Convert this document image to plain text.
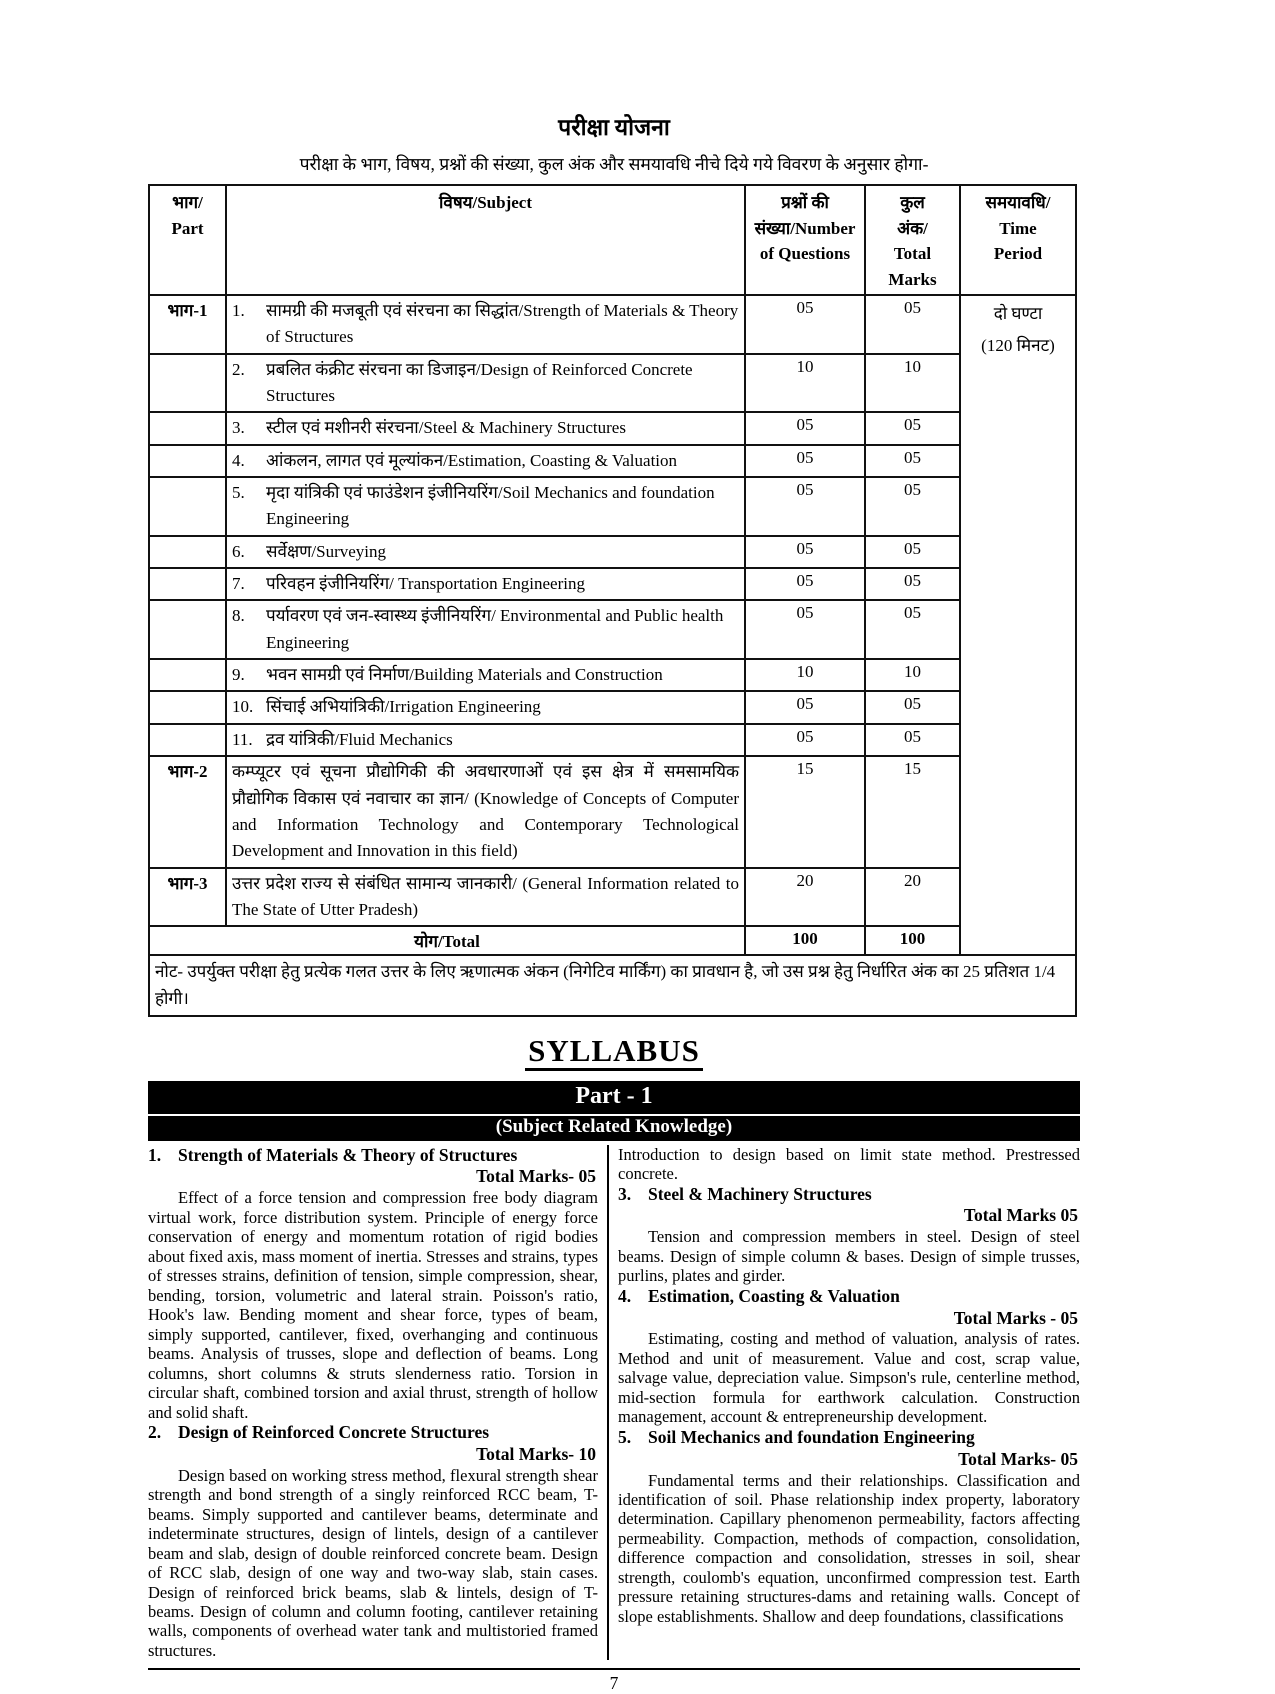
परीक्षा योजना

परीक्षा के भाग, विषय, प्रश्नों की संख्या, कुल अंक और समयावधि नीचे दिये गये विवरण के अनुसार होगा-

भाग/
Part	विषय/Subject	प्रश्नों की
संख्या/Number
of Questions	कुल
अंक/
Total
Marks	समयावधि/
Time
Period
भाग-1	1. सामग्री की मजबूती एवं संरचना का सिद्धांत/Strength of Materials & Theory of Structures	05	05	दो घण्टा
(120 मिनट)

	2. प्रबलित कंक्रीट संरचना का डिजाइन/Design of Reinforced Concrete Structures	10	10	

	3. स्टील एवं मशीनरी संरचना/Steel & Machinery Structures	05	05	

	4. आंकलन, लागत एवं मूल्यांकन/Estimation, Coasting & Valuation	05	05	

	5. मृदा यांत्रिकी एवं फाउंडेशन इंजीनियरिंग/Soil Mechanics and foundation Engineering	05	05	

	6. सर्वेक्षण/Surveying	05	05	

	7. परिवहन इंजीनियरिंग/ Transportation Engineering	05	05	

	8. पर्यावरण एवं जन-स्वास्थ्य इंजीनियरिंग/ Environmental and Public health Engineering	05	05	

	9. भवन सामग्री एवं निर्माण/Building Materials and Construction	10	10	

	10. सिंचाई अभियांत्रिकी/Irrigation Engineering	05	05	

	11. द्रव यांत्रिकी/Fluid Mechanics	05	05	
भाग-2	कम्प्यूटर एवं सूचना प्रौद्योगिकी की अवधारणाओं एवं इस क्षेत्र में समसामयिक प्रौद्योगिक विकास एवं नवाचार का ज्ञान/ (Knowledge of Concepts of Computer and Information Technology and Contemporary Technological Development and Innovation in this field)	15	15	
भाग-3	उत्तर प्रदेश राज्य से संबंधित सामान्य जानकारी/ (General Information related to The State of Utter Pradesh)	20	20	
योग/Total		100	100	
नोट- उपर्युक्त परीक्षा हेतु प्रत्येक गलत उत्तर के लिए ऋणात्मक अंकन (निगेटिव मार्किंग) का प्रावधान है, जो उस प्रश्न हेतु निर्धारित अंक का 25 प्रतिशत 1/4 होगी।				
SYLLABUS
Part - 1
(Subject Related Knowledge)
1. Strength of Materials & Theory of Structures
Total Marks- 05

Effect of a force tension and compression free body diagram virtual work, force distribution system. Principle of energy force conservation of energy and momentum rotation of rigid bodies about fixed axis, mass moment of inertia. Stresses and strains, types of stresses strains, definition of tension, simple compression, shear, bending, torsion, volumetric and lateral strain. Poisson's ratio, Hook's law. Bending moment and shear force, types of beam, simply supported, cantilever, fixed, overhanging and continuous beams. Analysis of trusses, slope and deflection of beams. Long columns, short columns & struts slenderness ratio. Torsion in circular shaft, combined torsion and axial thrust, strength of hollow and solid shaft.

2. Design of Reinforced Concrete Structures
Total Marks- 10

Design based on working stress method, flexural strength shear strength and bond strength of a singly reinforced RCC beam, T-beams. Simply supported and cantilever beams, determinate and indeterminate structures, design of lintels, design of a cantilever beam and slab, design of double reinforced concrete beam. Design of RCC slab, design of one way and two-way slab, stain cases. Design of reinforced brick beams, slab & lintels, design of T-beams. Design of column and column footing, cantilever retaining walls, components of overhead water tank and multistoried framed structures.

Introduction to design based on limit state method. Prestressed concrete.

3. Steel & Machinery Structures
Total Marks 05

Tension and compression members in steel. Design of steel beams. Design of simple column & bases. Design of simple trusses, purlins, plates and girder.

4. Estimation, Coasting & Valuation
Total Marks - 05

Estimating, costing and method of valuation, analysis of rates. Method and unit of measurement. Value and cost, scrap value, salvage value, depreciation value. Simpson's rule, centerline method, mid-section formula for earthwork calculation. Construction management, account & entrepreneurship development.

5. Soil Mechanics and foundation Engineering
Total Marks- 05

Fundamental terms and their relationships. Classification and identification of soil. Phase relationship index property, laboratory determination. Capillary phenomenon permeability, factors affecting permeability. Compaction, methods of compaction, consolidation, difference compaction and consolidation, stresses in soil, shear strength, coulomb's equation, unconfirmed compression test. Earth pressure retaining structures-dams and retaining walls. Concept of slope establishments. Shallow and deep foundations, classifications

7
